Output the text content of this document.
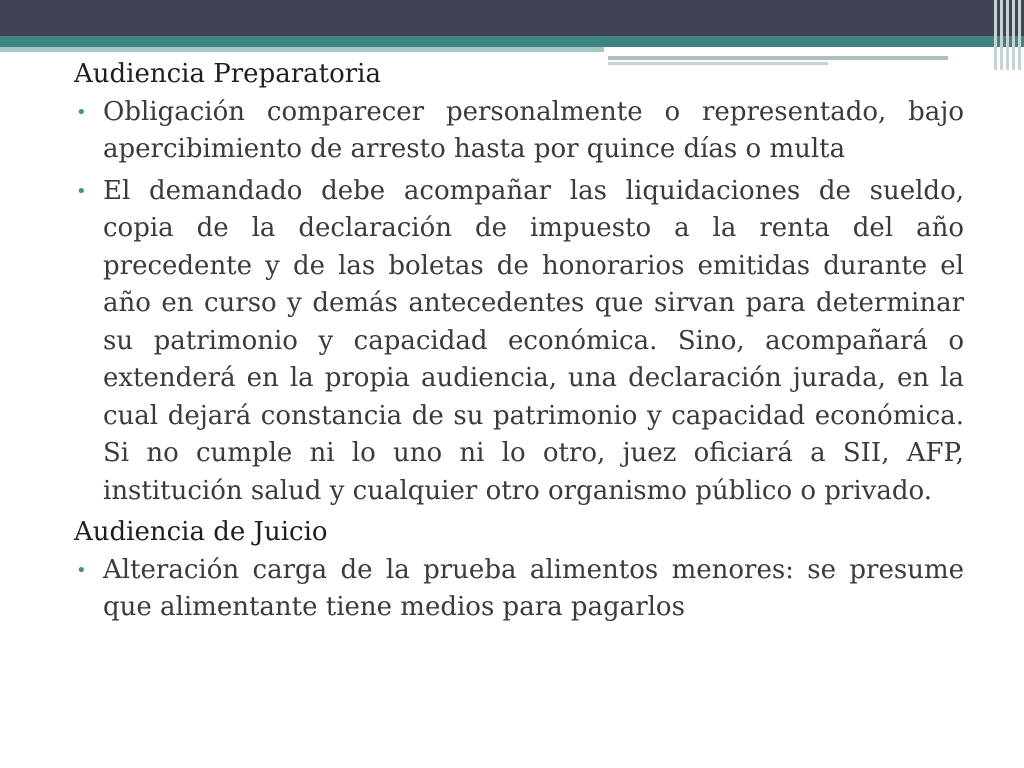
Audiencia Preparatoria

• Obligación comparecer personalmente o representado, bajo apercibimiento de arresto hasta por quince días o multa
• El demandado debe acompañar las liquidaciones de sueldo, copia de la declaración de impuesto a la renta del año precedente y de las boletas de honorarios emitidas durante el año en curso y demás antecedentes que sirvan para determinar su patrimonio y capacidad económica. Sino, acompañará o extenderá en la propia audiencia, una declaración jurada, en la cual dejará constancia de su patrimonio y capacidad económica. Si no cumple ni lo uno ni lo otro, juez oficiará a SII, AFP, institución salud y cualquier otro organismo público o privado.

Audiencia de Juicio

• Alteración carga de la prueba alimentos menores: se presume que alimentante tiene medios para pagarlos
